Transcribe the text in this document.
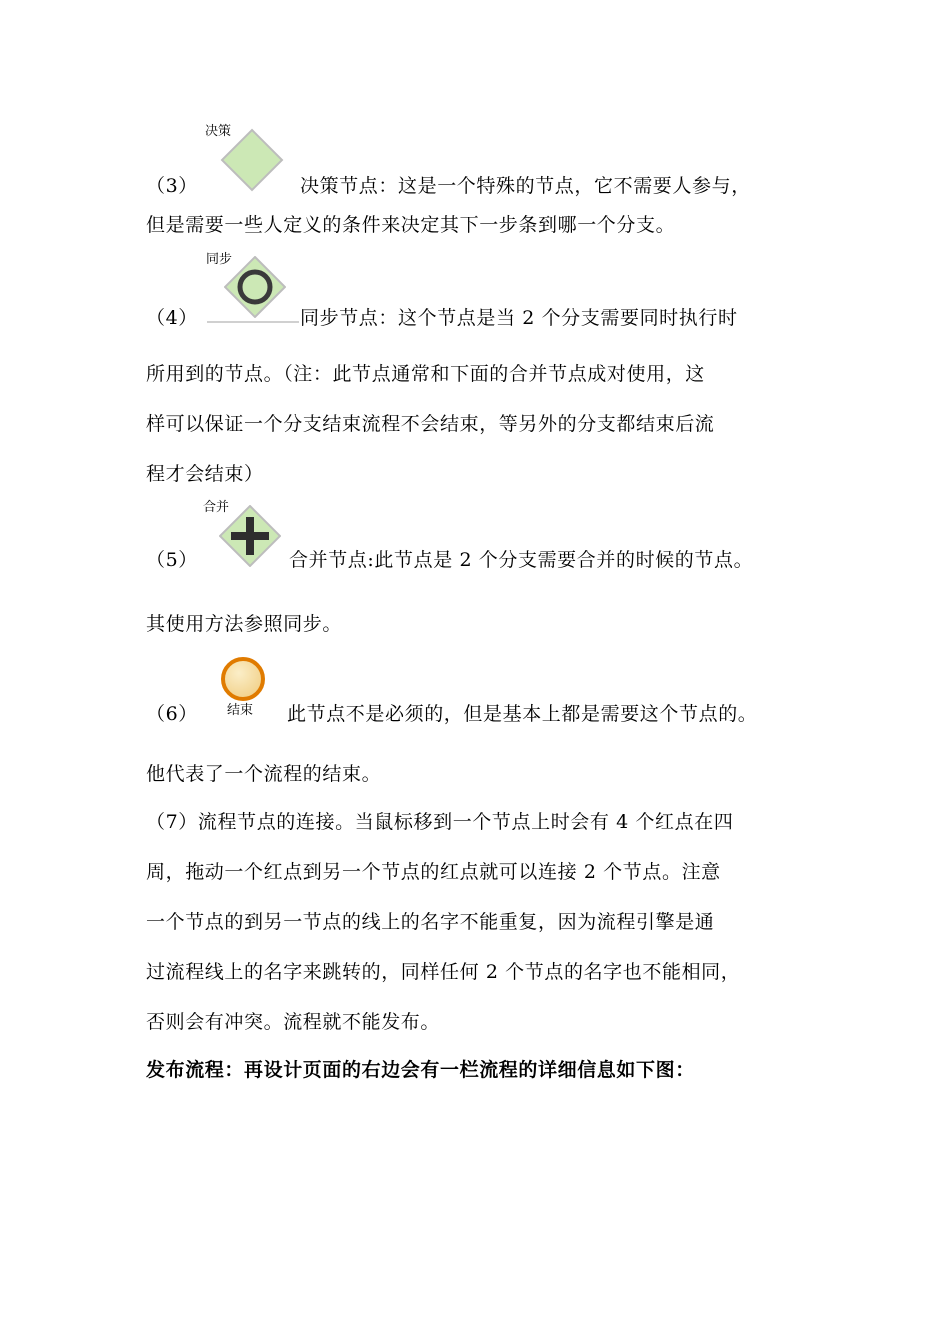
决策
（3）	决策节点：这是一个特殊的节点，它不需要人参与，
但是需要一些人定义的条件来决定其下一步条到哪一个分支。
同步
（4）	同步节点：这个节点是当 2 个分支需要同时执行时
所用到的节点。（注：此节点通常和下面的合并节点成对使用，这
样可以保证一个分支结束流程不会结束，等另外的分支都结束后流
程才会结束）
合并
（5）	合并节点:此节点是 2 个分支需要合并的时候的节点。
其使用方法参照同步。
结束
（6）	此节点不是必须的，但是基本上都是需要这个节点的。
他代表了一个流程的结束。
（7）流程节点的连接。当鼠标移到一个节点上时会有 4 个红点在四
周，拖动一个红点到另一个节点的红点就可以连接 2 个节点。注意
一个节点的到另一节点的线上的名字不能重复，因为流程引擎是通
过流程线上的名字来跳转的，同样任何 2 个节点的名字也不能相同，
否则会有冲突。流程就不能发布。
发布流程：再设计页面的右边会有一栏流程的详细信息如下图：
